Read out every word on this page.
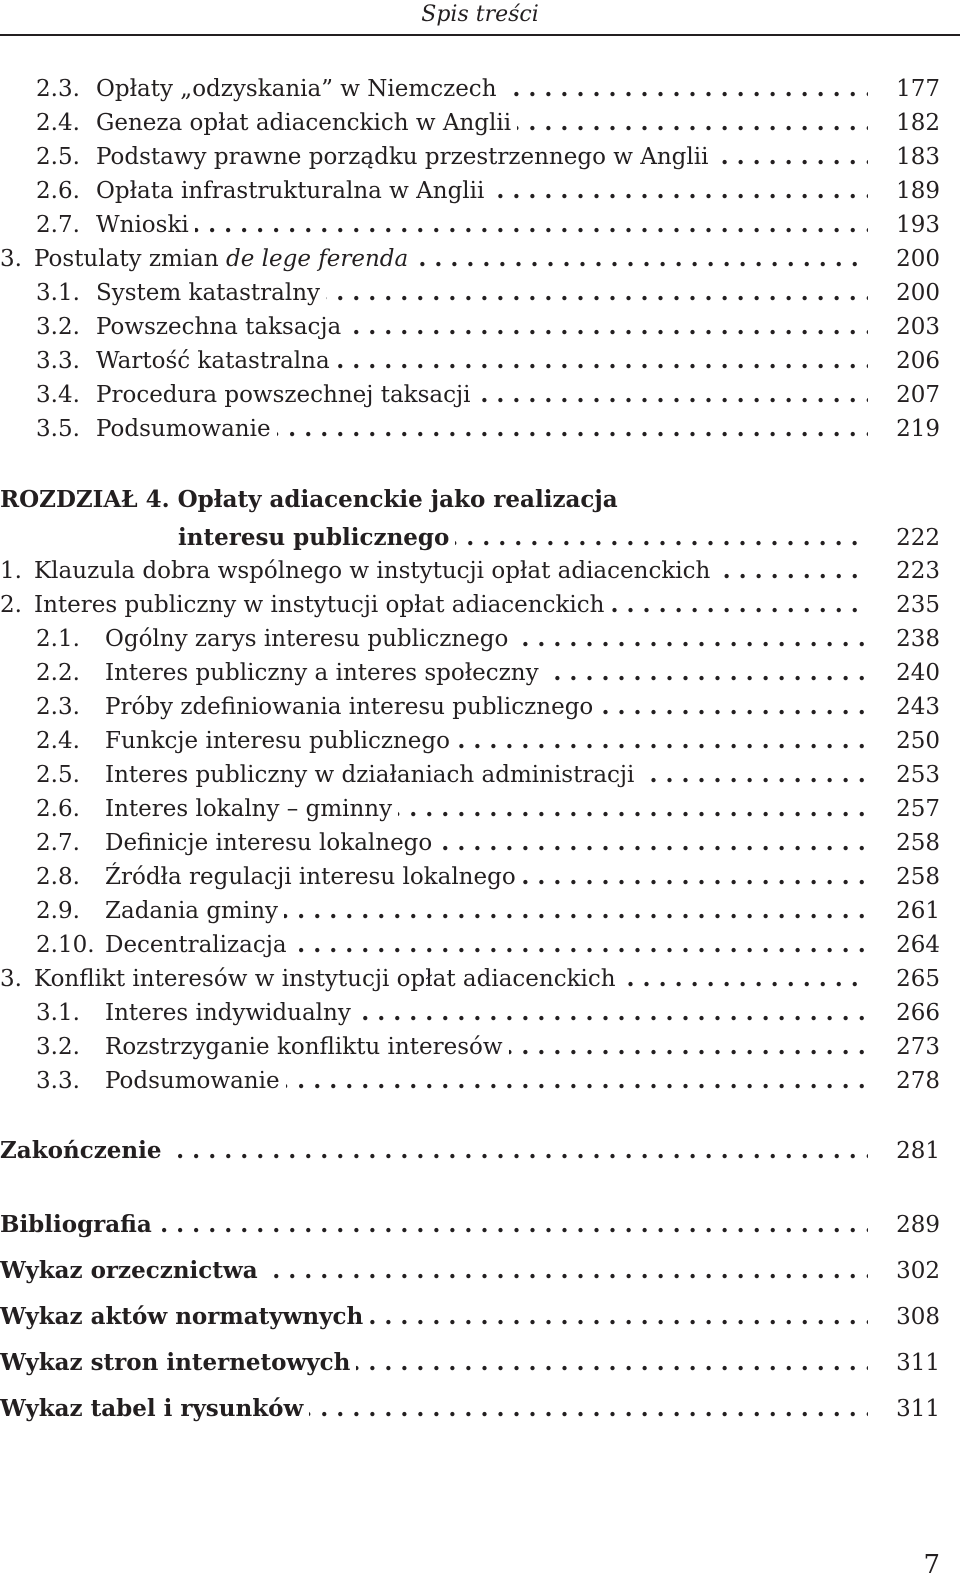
Spis treści
2.3. Opłaty „odzyskania” w Niemczech . . .	177
2.4. Geneza opłat adiacenckich w Anglii . . .	182
2.5. Podstawy prawne porządku przestrzennego w Anglii . . .	183
2.6. Opłata infrastrukturalna w Anglii . . .	189
2.7. Wnioski . . .	193
3. Postulaty zmian de lege ferenda . . .	200
3.1. System katastralny . . .	200
3.2. Powszechna taksacja . . .	203
3.3. Wartość katastralna . . .	206
3.4. Procedura powszechnej taksacji . . .	207
3.5. Podsumowanie . . .	219
ROZDZIAŁ 4. Opłaty adiacenckie jako realizacja
interesu publicznego . . .	222
1. Klauzula dobra wspólnego w instytucji opłat adiacenckich . . .	223
2. Interes publiczny w instytucji opłat adiacenckich . . .	235
2.1. Ogólny zarys interesu publicznego . . .	238
2.2. Interes publiczny a interes społeczny . . .	240
2.3. Próby zdefiniowania interesu publicznego . . .	243
2.4. Funkcje interesu publicznego . . .	250
2.5. Interes publiczny w działaniach administracji . . .	253
2.6. Interes lokalny – gminny . . .	257
2.7. Definicje interesu lokalnego . . .	258
2.8. Źródła regulacji interesu lokalnego . . .	258
2.9. Zadania gminy . . .	261
2.10. Decentralizacja . . .	264
3. Konflikt interesów w instytucji opłat adiacenckich . . .	265
3.1. Interes indywidualny . . .	266
3.2. Rozstrzyganie konfliktu interesów . . .	273
3.3. Podsumowanie . . .	278
Zakończenie . . .	281
Bibliografia . . .	289
Wykaz orzecznictwa . . .	302
Wykaz aktów normatywnych . . .	308
Wykaz stron internetowych . . .	311
Wykaz tabel i rysunków . . .	311
7
